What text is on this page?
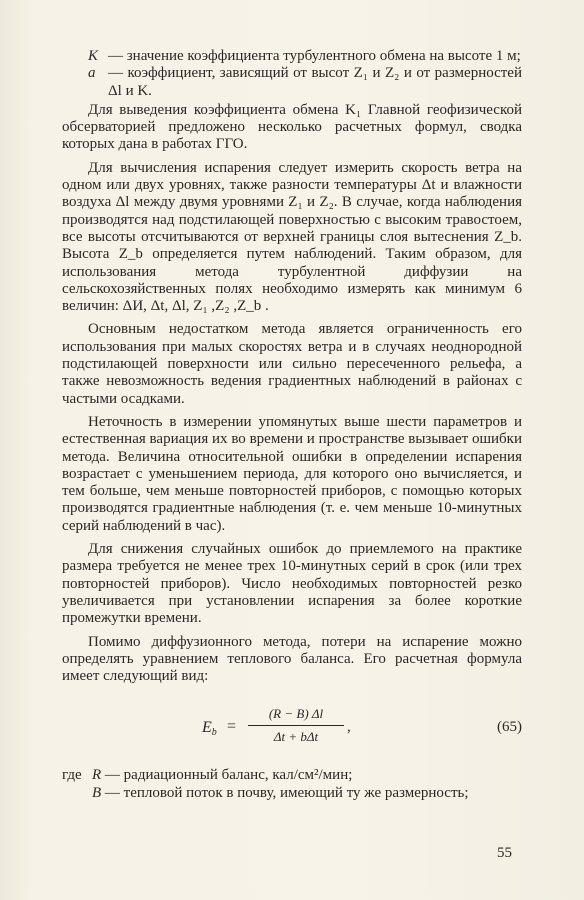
K — значение коэффициента турбулентного обмена на высоте 1 м;
a — коэффициент, зависящий от высот Z₁ и Z₂ и от размерностей Δl и K.

Для выведения коэффициента обмена K₁ Главной геофизической обсерваторией предложено несколько расчетных формул, сводка которых дана в работах ГГО.

Для вычисления испарения следует измерить скорость ветра на одном или двух уровнях, также разности температуры Δt и влажности воздуха Δl между двумя уровнями Z₁ и Z₂. В случае, когда наблюдения производятся над подстилающей поверхностью с высоким травостоем, все высоты отсчитываются от верхней границы слоя вытеснения Z_b. Высота Z_b определяется путем наблюдений. Таким образом, для использования метода турбулентной диффузии на сельскохозяйственных полях необходимо измерять как минимум 6 величин: ΔИ, Δt, Δl, Z₁ ,Z₂ ,Z_b .

Основным недостатком метода является ограниченность его использования при малых скоростях ветра и в случаях неоднородной подстилающей поверхности или сильно пересеченного рельефа, а также невозможность ведения градиентных наблюдений в районах с частыми осадками.

Неточность в измерении упомянутых выше шести параметров и естественная вариация их во времени и пространстве вызывает ошибки метода. Величина относительной ошибки в определении испарения возрастает с уменьшением периода, для которого оно вычисляется, и тем больше, чем меньше повторностей приборов, с помощью которых производятся градиентные наблюдения (т. е. чем меньше 10-минутных серий наблюдений в час).

Для снижения случайных ошибок до приемлемого на практике размера требуется не менее трех 10-минутных серий в срок (или трех повторностей приборов). Число необходимых повторностей резко увеличивается при установлении испарения за более короткие промежутки времени.

Помимо диффузионного метода, потери на испарение можно определять уравнением теплового баланса. Его расчетная формула имеет следующий вид:

$E_b$ =
(R − B) Δl
Δt + bΔt
,	(65)
где R — радиационный баланс, кал/см²/мин;
B — тепловой поток в почву, имеющий ту же размерность;
55
